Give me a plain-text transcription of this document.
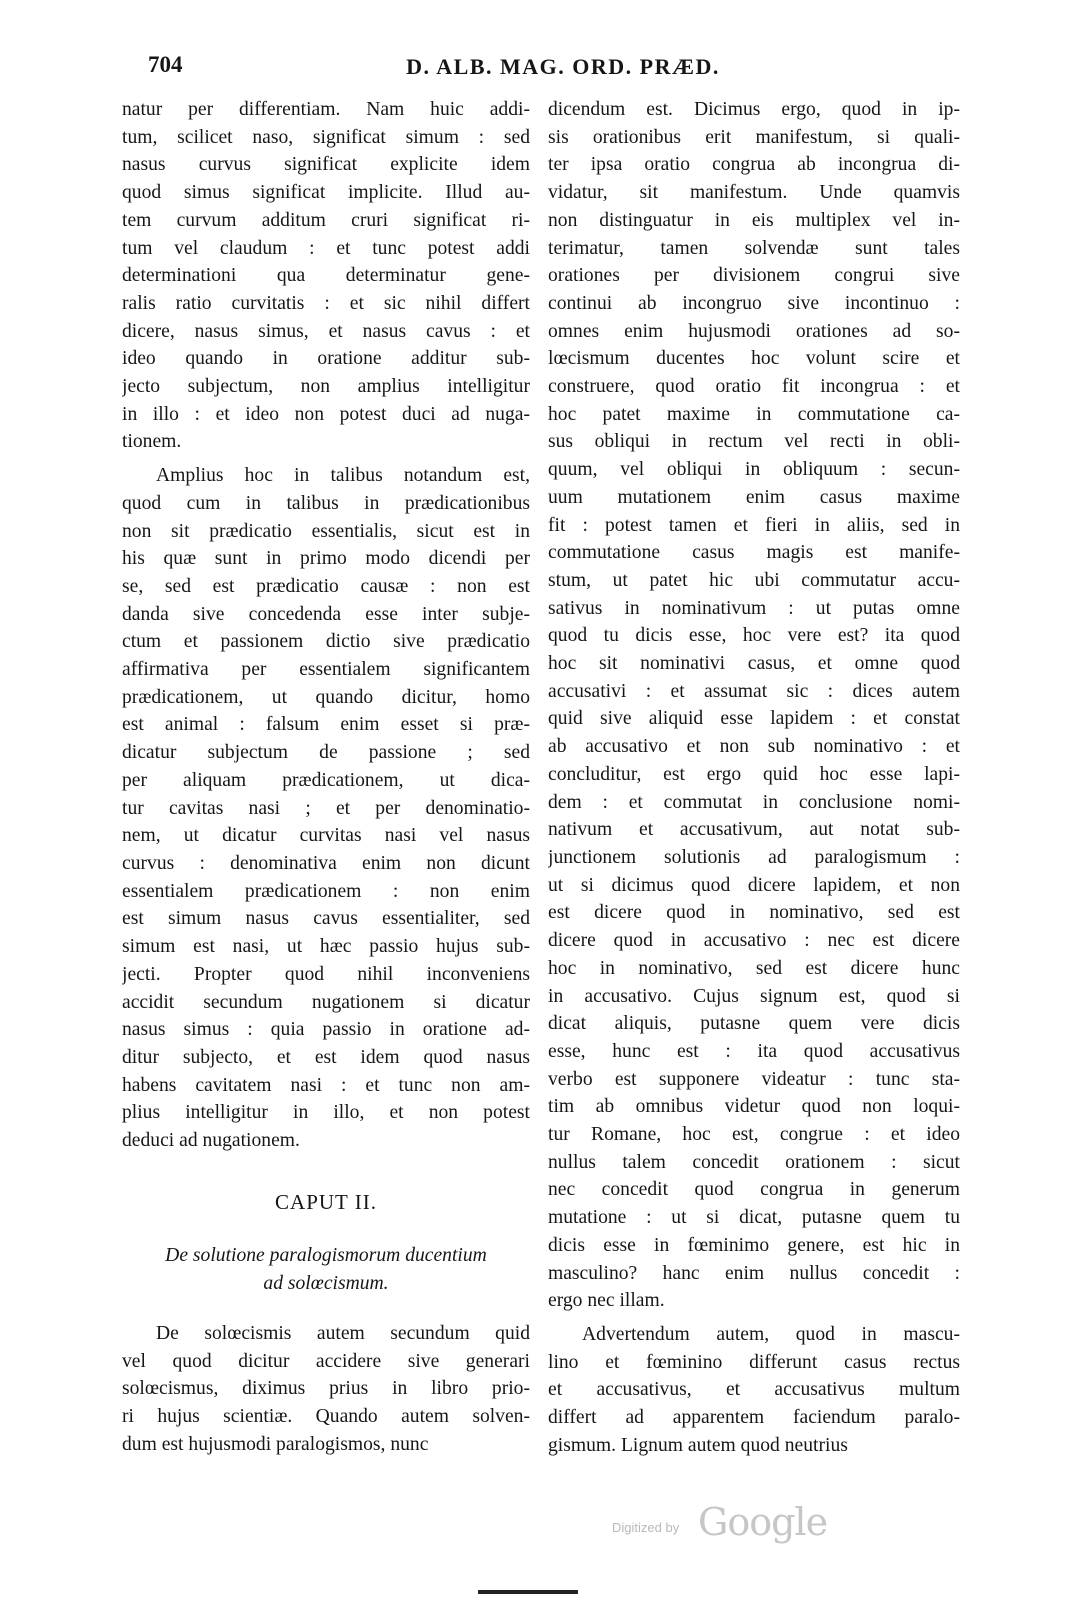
704	D. ALB. MAG. ORD. PRÆD.
natur per differentiam. Nam huic addi-
tum, scilicet naso, significat simum : sed
nasus curvus significat explicite idem
quod simus significat implicite. Illud au-
tem curvum additum cruri significat ri-
tum vel claudum : et tunc potest addi
determinationi qua determinatur gene-
ralis ratio curvitatis : et sic nihil differt
dicere, nasus simus, et nasus cavus : et
ideo quando in oratione additur sub-
jecto subjectum, non amplius intelligitur
in illo : et ideo non potest duci ad nuga-
tionem.
Amplius hoc in talibus notandum est,
quod cum in talibus in prædicationibus
non sit prædicatio essentialis, sicut est in
his quæ sunt in primo modo dicendi per
se, sed est prædicatio causæ : non est
danda sive concedenda esse inter subje-
ctum et passionem dictio sive prædicatio
affirmativa per essentialem significantem
prædicationem, ut quando dicitur, homo
est animal : falsum enim esset si præ-
dicatur subjectum de passione ; sed
per aliquam prædicationem, ut dica-
tur cavitas nasi ; et per denominatio-
nem, ut dicatur curvitas nasi vel nasus
curvus : denominativa enim non dicunt
essentialem prædicationem : non enim
est simum nasus cavus essentialiter, sed
simum est nasi, ut hæc passio hujus sub-
jecti. Propter quod nihil inconveniens
accidit secundum nugationem si dicatur
nasus simus : quia passio in oratione ad-
ditur subjecto, et est idem quod nasus
habens cavitatem nasi : et tunc non am-
plius intelligitur in illo, et non potest
deduci ad nugationem.
CAPUT II.
De solutione paralogismorum ducentium
ad solœcismum.
De solœcismis autem secundum quid
vel quod dicitur accidere sive generari
solœcismus, diximus prius in libro prio-
ri hujus scientiæ. Quando autem solven-
dum est hujusmodi paralogismos, nunc
dicendum est. Dicimus ergo, quod in ip-
sis orationibus erit manifestum, si quali-
ter ipsa oratio congrua ab incongrua di-
vidatur, sit manifestum. Unde quamvis
non distinguatur in eis multiplex vel in-
terimatur, tamen solvendæ sunt tales
orationes per divisionem congrui sive
continui ab incongruo sive incontinuo :
omnes enim hujusmodi orationes ad so-
lœcismum ducentes hoc volunt scire et
construere, quod oratio fit incongrua : et
hoc patet maxime in commutatione ca-
sus obliqui in rectum vel recti in obli-
quum, vel obliqui in obliquum : secun-
uum mutationem enim casus maxime
fit : potest tamen et fieri in aliis, sed in
commutatione casus magis est manife-
stum, ut patet hic ubi commutatur accu-
sativus in nominativum : ut putas omne
quod tu dicis esse, hoc vere est? ita quod
hoc sit nominativi casus, et omne quod
accusativi : et assumat sic : dices autem
quid sive aliquid esse lapidem : et constat
ab accusativo et non sub nominativo : et
concluditur, est ergo quid hoc esse lapi-
dem : et commutat in conclusione nomi-
nativum et accusativum, aut notat sub-
junctionem solutionis ad paralogismum :
ut si dicimus quod dicere lapidem, et non
est dicere quod in nominativo, sed est
dicere quod in accusativo : nec est dicere
hoc in nominativo, sed est dicere hunc
in accusativo. Cujus signum est, quod si
dicat aliquis, putasne quem vere dicis
esse, hunc est : ita quod accusativus
verbo est supponere videatur : tunc sta-
tim ab omnibus videtur quod non loqui-
tur Romane, hoc est, congrue : et ideo
nullus talem concedit orationem : sicut
nec concedit quod congrua in generum
mutatione : ut si dicat, putasne quem tu
dicis esse in fœminimo genere, est hic in
masculino? hanc enim nullus concedit :
ergo nec illam.
Advertendum autem, quod in mascu-
lino et fœminino differunt casus rectus
et accusativus, et accusativus multum
differt ad apparentem faciendum paralo-
gismum. Lignum autem quod neutrius
Digitized by Google
